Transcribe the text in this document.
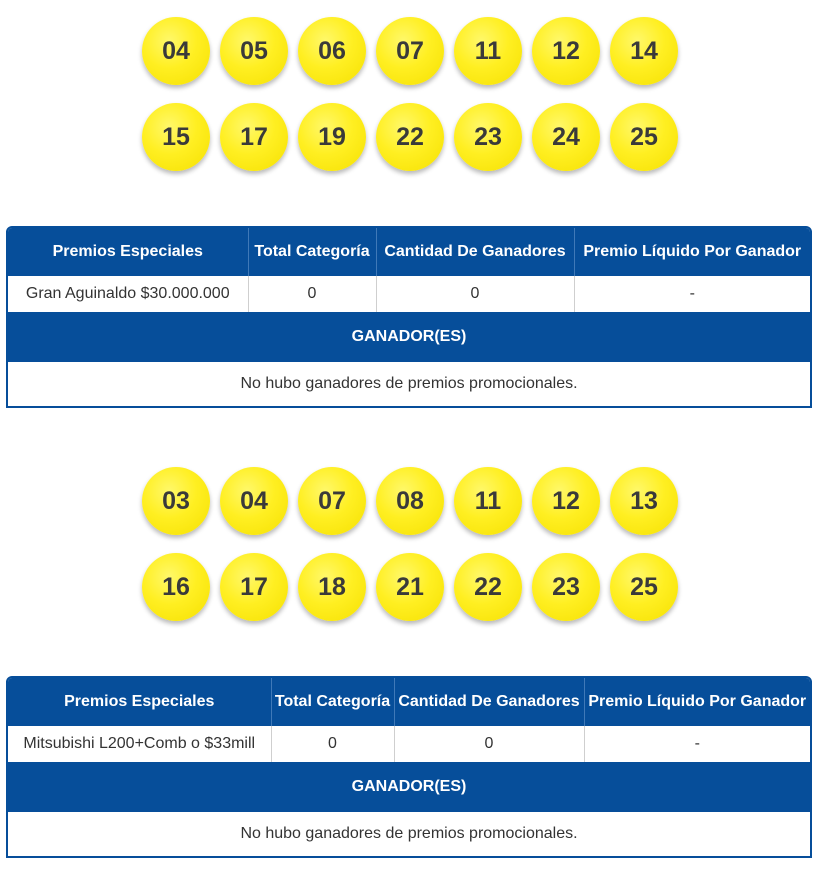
04	05	06	07	11	12	14
15	17	19	22	23	24	25
Premios Especiales	Total Categoría	Cantidad De Ganadores	Premio Líquido Por Ganador
Gran Aguinaldo $30.000.000	0	0	-
GANADOR(ES)
No hubo ganadores de premios promocionales.
03	04	07	08	11	12	13
16	17	18	21	22	23	25
Premios Especiales	Total Categoría	Cantidad De Ganadores	Premio Líquido Por Ganador
Mitsubishi L200+Comb o $33mill	0	0	-
GANADOR(ES)
No hubo ganadores de premios promocionales.
